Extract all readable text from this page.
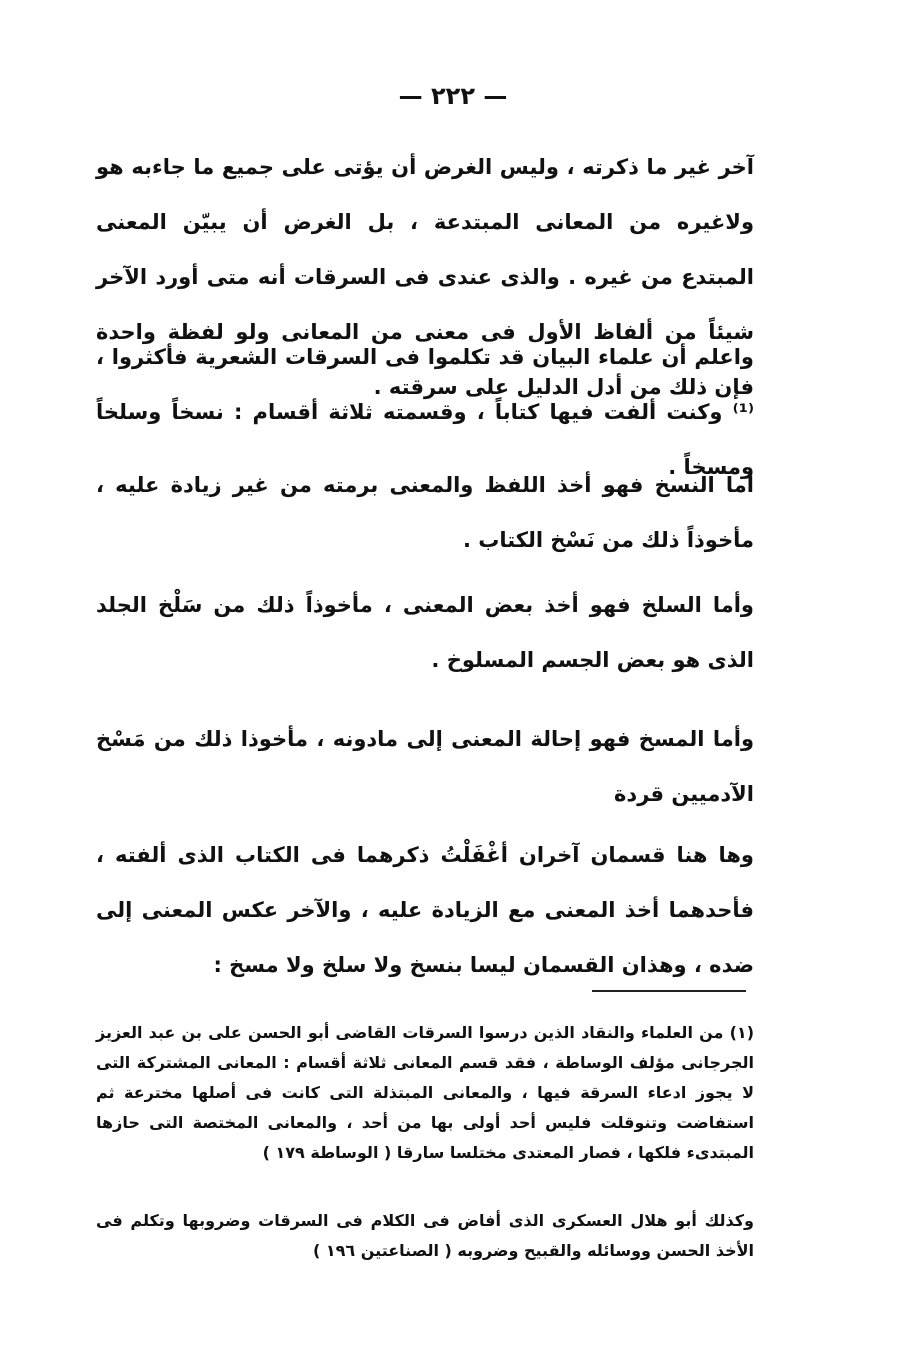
— ٢٢٢ —

آخر غير ما ذكرته ، وليس الغرض أن يؤتى على جميع ما جاءبه هو ولاغيره من المعانى المبتدعة ، بل الغرض أن يبيّن المعنى المبتدع من غيره . والذى عندى فى السرقات أنه متى أورد الآخر شيئاً من ألفاظ الأول فى معنى من المعانى ولو لفظة واحدة فإن ذلك من أدل الدليل على سرقته .

واعلم أن علماء البيان قد تكلموا فى السرقات الشعرية فأكثروا ،⁽¹⁾ وكنت ألفت فيها كتاباً ، وقسمته ثلاثة أقسام : نسخاً وسلخاً ومسخاً .

أما النسخ فهو أخذ اللفظ والمعنى برمته من غير زيادة عليه ، مأخوذاً ذلك من نَسْخ الكتاب .

وأما السلخ فهو أخذ بعض المعنى ، مأخوذاً ذلك من سَلْخ الجلد الذى هو بعض الجسم المسلوخ .

وأما المسخ فهو إحالة المعنى إلى مادونه ، مأخوذا ذلك من مَسْخ الآدميين قردة

وها هنا قسمان آخران أغْفَلْتُ ذكرهما فى الكتاب الذى ألفته ، فأحدهما أخذ المعنى مع الزيادة عليه ، والآخر عكس المعنى إلى ضده ، وهذان القسمان ليسا بنسخ ولا سلخ ولا مسخ :

(١) من العلماء والنقاد الذين درسوا السرقات القاضى أبو الحسن على بن عبد العزيز الجرجانى مؤلف الوساطة ، فقد قسم المعانى ثلاثة أقسام : المعانى المشتركة التى لا يجوز ادعاء السرقة فيها ، والمعانى المبتذلة التى كانت فى أصلها مخترعة ثم استفاضت وتنوقلت فليس أحد أولى بها من أحد ، والمعانى المختصة التى حازها المبتدىء فلكها ، فصار المعتدى مختلسا سارقا ( الوساطة ١٧٩ )

وكذلك أبو هلال العسكرى الذى أفاض فى الكلام فى السرقات وضروبها وتكلم فى الأخذ الحسن ووسائله والقبيح وضروبه ( الصناعتين ١٩٦ )
